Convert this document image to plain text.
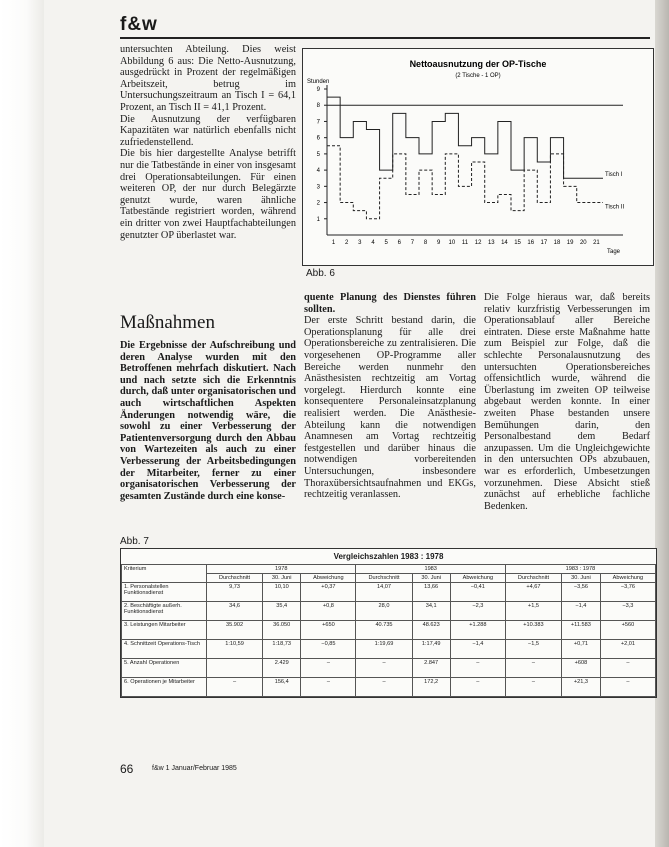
f&w

untersuchten Abteilung. Dies weist Abbildung 6 aus: Die Netto-Ausnutzung, ausgedrückt in Prozent der regelmäßigen Arbeitszeit, betrug im Untersuchungszeitraum an Tisch I = 64,1 Prozent, an Tisch II = 41,1 Prozent.

Die Ausnutzung der verfügbaren Kapazitäten war natürlich ebenfalls nicht zufriedenstellend.

Die bis hier dargestellte Analyse betrifft nur die Tatbestände in einer von insgesamt drei Operationsabteilungen. Für einen weiteren OP, der nur durch Belegärzte genutzt wurde, waren ähnliche Tatbestände registriert worden, während ein dritter von zwei Hauptfachabteilungen genutzter OP überlastet war.

Maßnahmen
Die Ergebnisse der Aufschreibung und deren Analyse wurden mit den Betroffenen mehrfach diskutiert. Nach und nach setzte sich die Erkenntnis durch, daß unter organisatorischen und auch wirtschaftlichen Aspekten Änderungen notwendig wäre, die sowohl zu einer Verbesserung der Patientenversorgung durch den Abbau von Wartezeiten als auch zu einer Verbesserung der Arbeitsbedingungen der Mitarbeiter, ferner zu einer organisatorischen Verbesserung der gesamten Zustände durch eine konse-

quente Planung des Dienstes führen sollten.

Der erste Schritt bestand darin, die Operationsplanung für alle drei Operationsbereiche zu zentralisieren. Die vorgesehenen OP-Programme aller Bereiche werden nunmehr den Anästhesisten rechtzeitig am Vortag vorgelegt. Hierdurch konnte eine konsequentere Personaleinsatzplanung realisiert werden. Die Anästhesie-Abteilung kann die notwendigen Anamnesen am Vortag rechtzeitig festgestellen und darüber hinaus die notwendigen vorbereitenden Untersuchungen, insbesondere Thoraxübersichtsaufnahmen und EKGs, rechtzeitig veranlassen.

Die Folge hieraus war, daß bereits relativ kurzfristig Verbesserungen im Operationsablauf aller Bereiche eintraten. Diese erste Maßnahme hatte zum Beispiel zur Folge, daß die schlechte Personalausnutzung des untersuchten Operationsbereiches offensichtlich wurde, während die Überlastung im zweiten OP teilweise abgebaut werden konnte. In einer zweiten Phase bestanden unsere Bemühungen darin, den Personalbestand dem Bedarf anzupassen. Um die Ungleichgewichte in den untersuchten OPs abzubauen, war es erforderlich, Umbesetzungen vorzunehmen. Diese Absicht stieß zunächst auf erhebliche fachliche Bedenken.
Nettoausnutzung der OP-Tische
(2 Tische - 1 OP)
Stunden
Tage
1
2
3
4
5
6
7
8
9
1 2 3 4 5 6 7 8 9 10 11 12 13 14 15 16 17 18 19 20 21
Tisch I
Tisch II
Abb. 6
Abb. 7
Vergleichszahlen 1983 : 1978									
Kriterium	1978			1983			1983 : 1978		
	Durchschnitt	30. Juni	Abweichung	Durchschnitt	30. Juni	Abweichung	Durchschnitt	30. Juni	Abweichung
1. Personalstellen Funktionsdienst	9,73	10,10	+0,37	14,07	13,66	−0,41	+4,67	−3,56	−3,76
2. Beschäftigte außerh. Funktionsdienst	34,6	35,4	+0,8	28,0	34,1	−2,3	+1,5	−1,4	−3,3
3. Leistungen Mitarbeiter	35.902	36.050	+650	40.735	48.623	+1.288	+10.383	+11.583	+560
4. Schnittzeit Operations-Tisch	1:10,59	1:18,73	−0,85	1:19,69	1:17,49	−1,4	−1,5	+0,71	+2,01
5. Anzahl Operationen		2.429	–	–	2.847	–	–	+608	–
6. Operationen je Mitarbeiter	–	156,4	–	–	172,2	–	–	+21,3	–
66	f&w 1 Januar/Februar 1985
